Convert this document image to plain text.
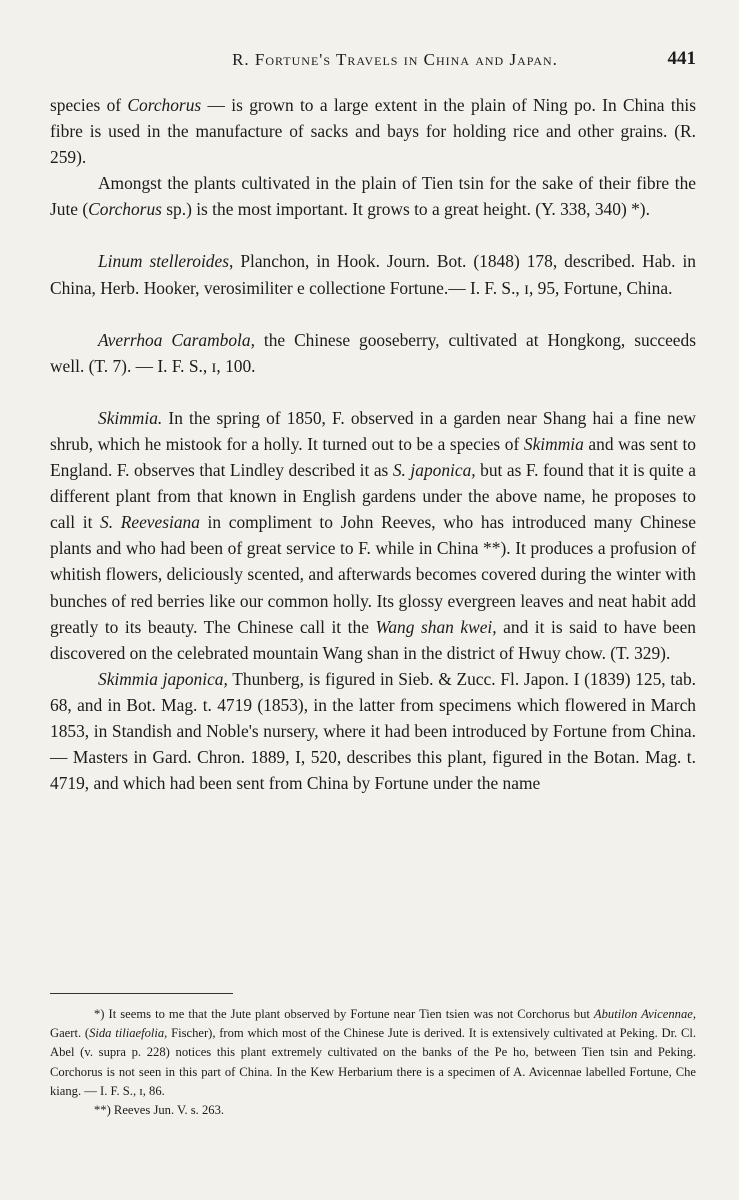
R. Fortune's Travels in China and Japan.	441

species of Corchorus — is grown to a large extent in the plain of Ning po. In China this fibre is used in the manufacture of sacks and bays for holding rice and other grains. (R. 259).

Amongst the plants cultivated in the plain of Tien tsin for the sake of their fibre the Jute (Corchorus sp.) is the most important. It grows to a great height. (Y. 338, 340) *).

Linum stelleroides, Planchon, in Hook. Journ. Bot. (1848) 178, described. Hab. in China, Herb. Hooker, verosimiliter e collectione Fortune.— I. F. S., ɪ, 95, Fortune, China.

Averrhoa Carambola, the Chinese gooseberry, cultivated at Hongkong, succeeds well. (T. 7). — I. F. S., ɪ, 100.

Skimmia. In the spring of 1850, F. observed in a garden near Shang hai a fine new shrub, which he mistook for a holly. It turned out to be a species of Skimmia and was sent to England. F. observes that Lindley described it as S. japonica, but as F. found that it is quite a different plant from that known in English gardens under the above name, he proposes to call it S. Reevesiana in compliment to John Reeves, who has introduced many Chinese plants and who had been of great service to F. while in China **). It produces a profusion of whitish flowers, deliciously scented, and afterwards becomes covered during the winter with bunches of red berries like our common holly. Its glossy evergreen leaves and neat habit add greatly to its beauty. The Chinese call it the Wang shan kwei, and it is said to have been discovered on the celebrated mountain Wang shan in the district of Hwuy chow. (T. 329).

Skimmia japonica, Thunberg, is figured in Sieb. & Zucc. Fl. Japon. I (1839) 125, tab. 68, and in Bot. Mag. t. 4719 (1853), in the latter from specimens which flowered in March 1853, in Standish and Noble's nursery, where it had been introduced by Fortune from China. — Masters in Gard. Chron. 1889, I, 520, describes this plant, figured in the Botan. Mag. t. 4719, and which had been sent from China by Fortune under the name

*) It seems to me that the Jute plant observed by Fortune near Tien tsien was not Corchorus but Abutilon Avicennae, Gaert. (Sida tiliaefolia, Fischer), from which most of the Chinese Jute is derived. It is extensively cultivated at Peking. Dr. Cl. Abel (v. supra p. 228) notices this plant extremely cultivated on the banks of the Pe ho, between Tien tsin and Peking. Corchorus is not seen in this part of China. In the Kew Herbarium there is a specimen of A. Avicennae labelled Fortune, Che kiang. — I. F. S., ɪ, 86.

**) Reeves Jun. V. s. 263.
